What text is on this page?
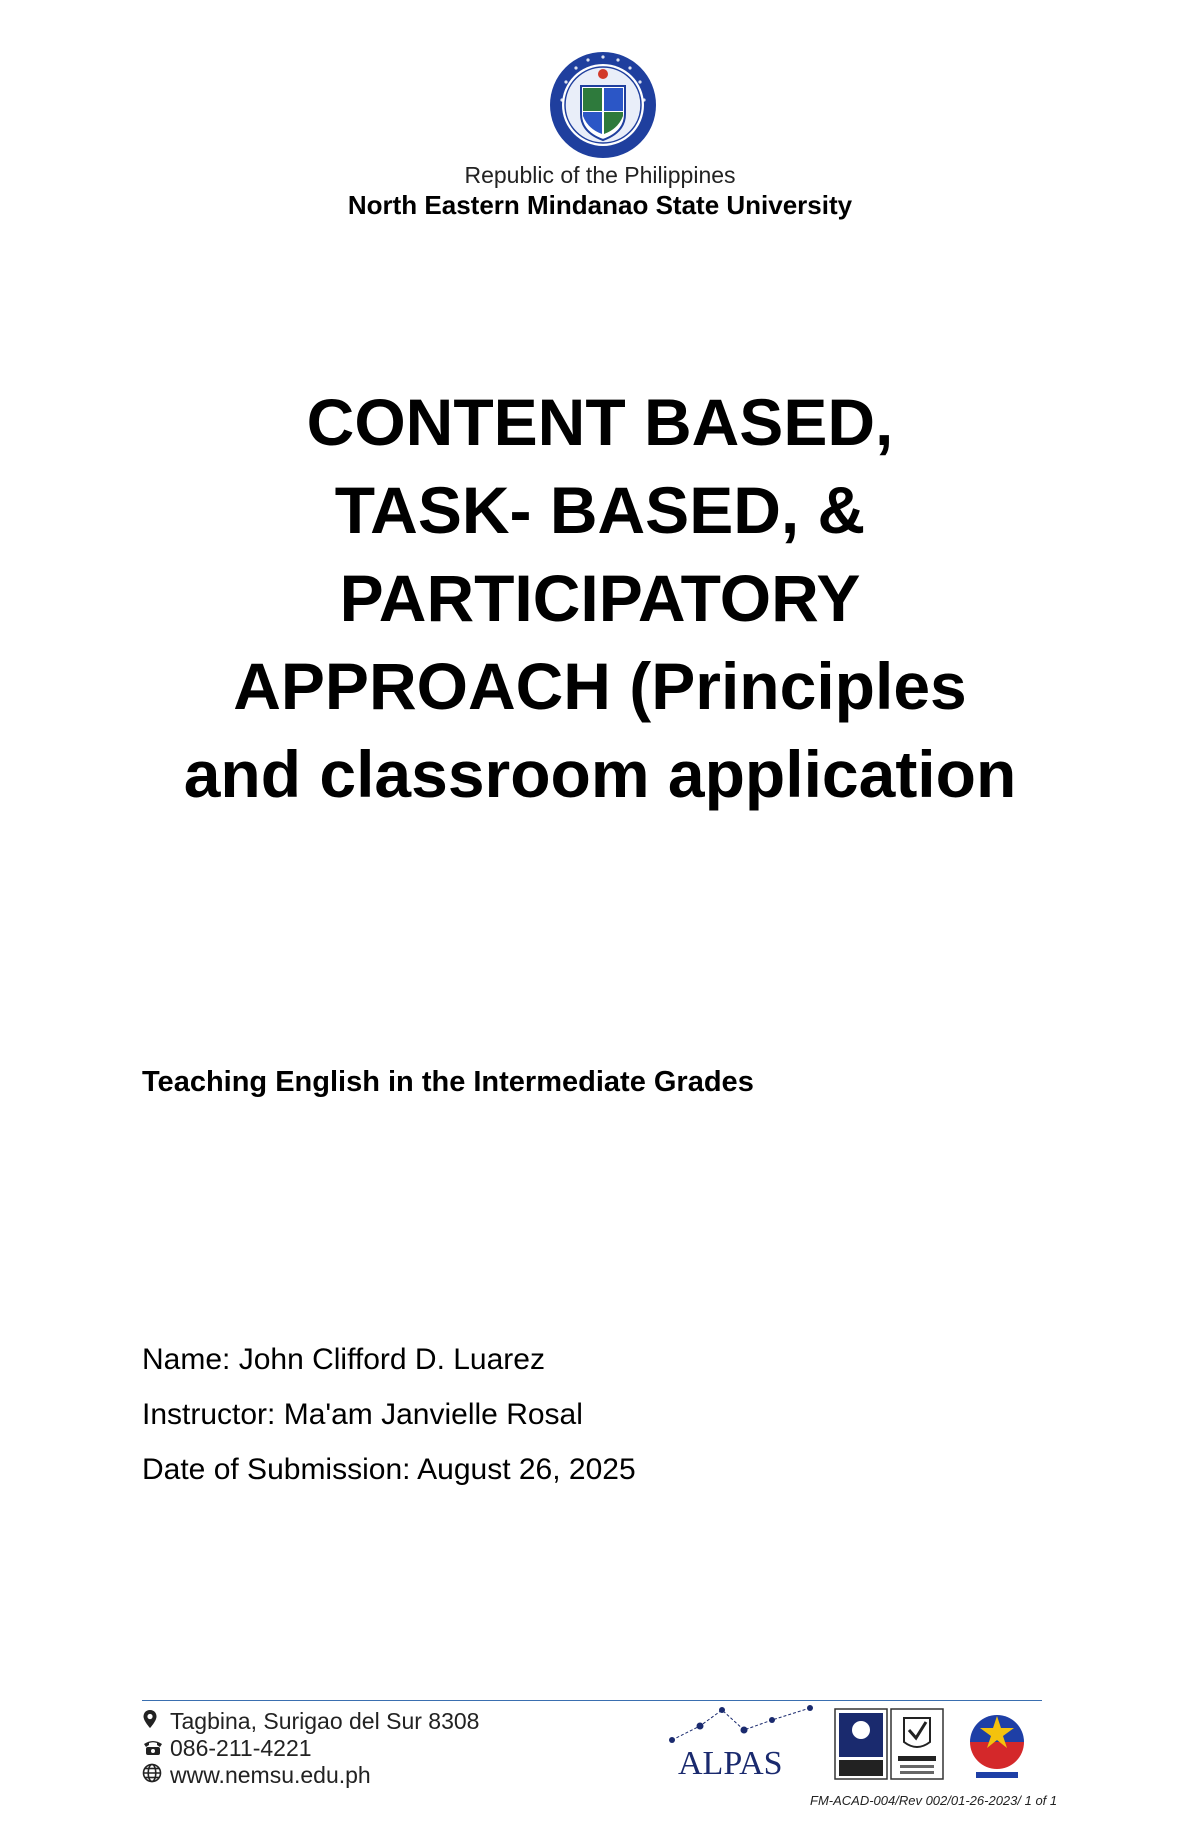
Republic of the Philippines
North Eastern Mindanao State University
CONTENT BASED,
TASK- BASED, &
PARTICIPATORY
APPROACH (Principles
and classroom application
Teaching English in the Intermediate Grades
Name: John Clifford D. Luarez
Instructor: Ma'am Janvielle Rosal
Date of Submission: August 26, 2025
Tagbina, Surigao del Sur 8308
086-211-4221
www.nemsu.edu.ph	ALPAS
FM-ACAD-004/Rev 002/01-26-2023/ 1 of 1
